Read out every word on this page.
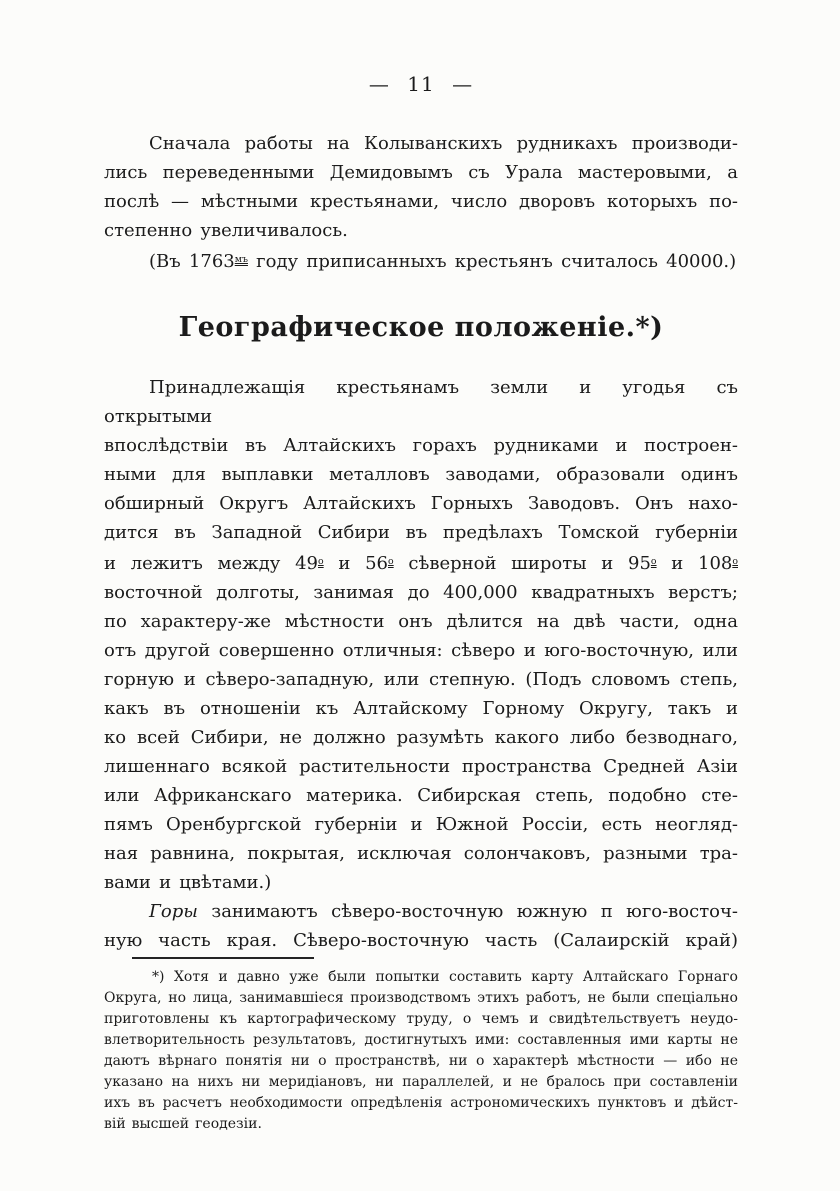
— 11 —
Сначала работы на Колыванскихъ рудникахъ производи-
лись переведенными Демидовымъ съ Урала мастеровыми, а
послѣ — мѣстными крестьянами, число дворовъ которыхъ по-
степенно увеличивалось.
(Въ $1763^{мъ}$ году приписанныхъ крестьянъ считалось 40000.)
Географическое положеніе.*)
Принадлежащія крестьянамъ земли и угодья съ открытыми
впослѣдствіи въ Алтайскихъ горахъ рудниками и построен-
ными для выплавки металловъ заводами, образовали одинъ
обширный Округъ Алтайскихъ Горныхъ Заводовъ. Онъ нахо-
дится въ Западной Сибири въ предѣлахъ Томской губерніи
и лежитъ между $49^о$ и $56^о$ сѣверной широты и $95^о$ и $108^о$
восточной долготы, занимая до 400,000 квадратныхъ верстъ;
по характеру-же мѣстности онъ дѣлится на двѣ части, одна
отъ другой совершенно отличныя: сѣверо и юго-восточную, или
горную и сѣверо-западную, или степную. (Подъ словомъ степь,
какъ въ отношеніи къ Алтайскому Горному Округу, такъ и
ко всей Сибири, не должно разумѣть какого либо безводнаго,
лишеннаго всякой растительности пространства Средней Азіи
или Африканскаго материка. Сибирская степь, подобно сте-
пямъ Оренбургской губерніи и Южной Россіи, есть неогляд-
ная равнина, покрытая, исключая солончаковъ, разными тра-
вами и цвѣтами.)
Горы занимаютъ сѣверо-восточную южную п юго-восточ-
ную часть края. Сѣверо-восточную часть (Салаирскій край)
*) Хотя и давно уже были попытки составить карту Алтайскаго Горнаго
Округа, но лица, занимавшіеся производствомъ этихъ работъ, не были спеціально
приготовлены къ картографическому труду, о чемъ и свидѣтельствуетъ неудо-
влетворительность результатовъ, достигнутыхъ ими: составленныя ими карты не
даютъ вѣрнаго понятія ни о пространствѣ, ни о характерѣ мѣстности — ибо не
указано на нихъ ни меридіановъ, ни параллелей, и не бралось при составленіи
ихъ въ расчетъ необходимости опредѣленія астрономическихъ пунктовъ и дѣйст-
вій высшей геодезіи.
